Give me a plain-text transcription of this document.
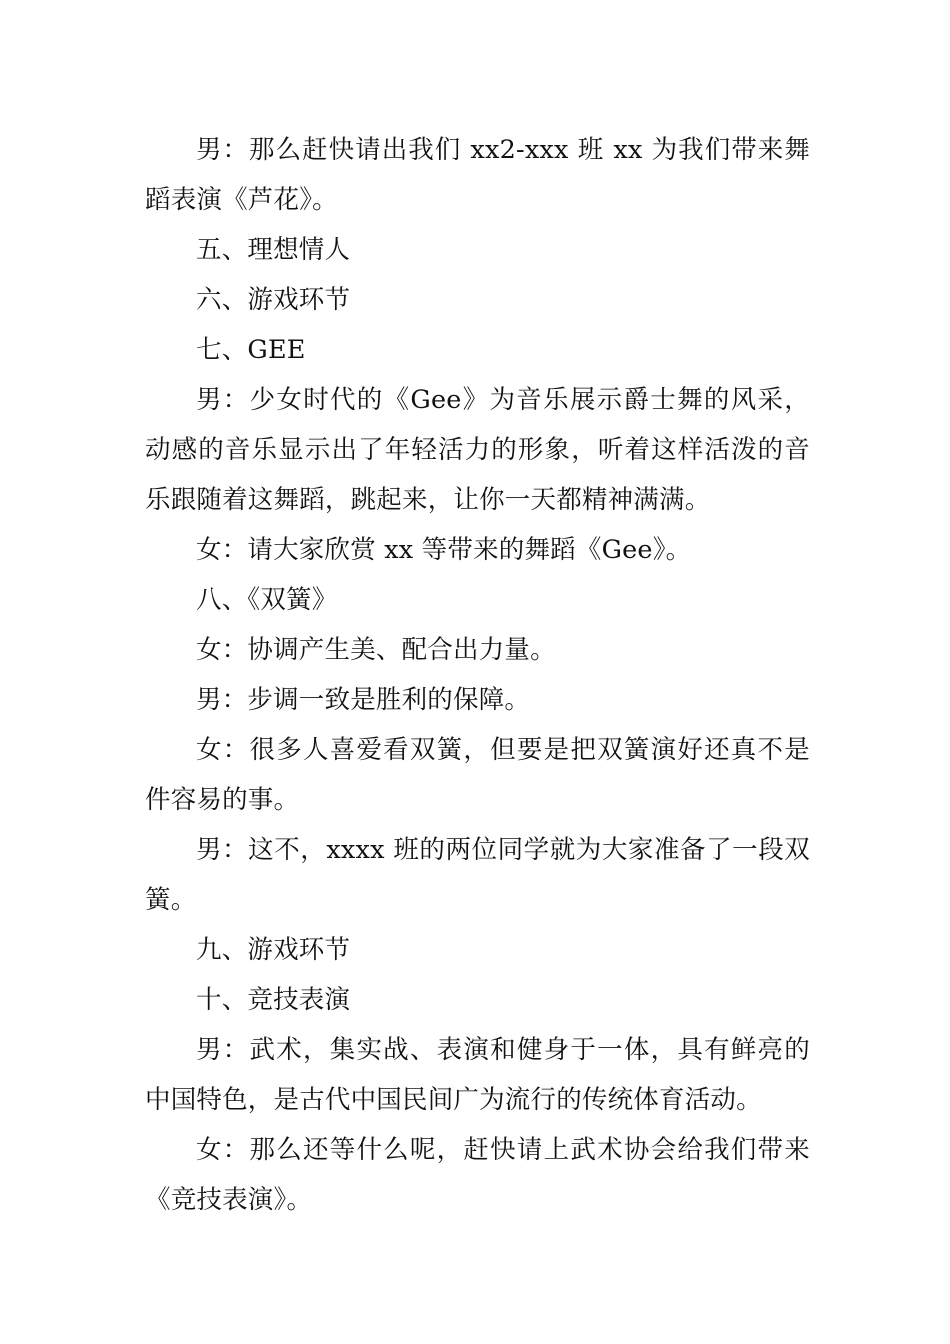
男：那么赶快请出我们 xx2-xxx 班 xx 为我们带来舞蹈表演《芦花》。

五、理想情人

六、游戏环节

七、GEE

男：少女时代的《Gee》为音乐展示爵士舞的风采，动感的音乐显示出了年轻活力的形象，听着这样活泼的音乐跟随着这舞蹈，跳起来，让你一天都精神满满。

女：请大家欣赏 xx 等带来的舞蹈《Gee》。

八、《双簧》

女：协调产生美、配合出力量。

男：步调一致是胜利的保障。

女：很多人喜爱看双簧，但要是把双簧演好还真不是件容易的事。

男：这不，xxxx 班的两位同学就为大家准备了一段双簧。

九、游戏环节

十、竞技表演

男：武术，集实战、表演和健身于一体，具有鲜亮的中国特色，是古代中国民间广为流行的传统体育活动。

女：那么还等什么呢，赶快请上武术协会给我们带来《竞技表演》。
